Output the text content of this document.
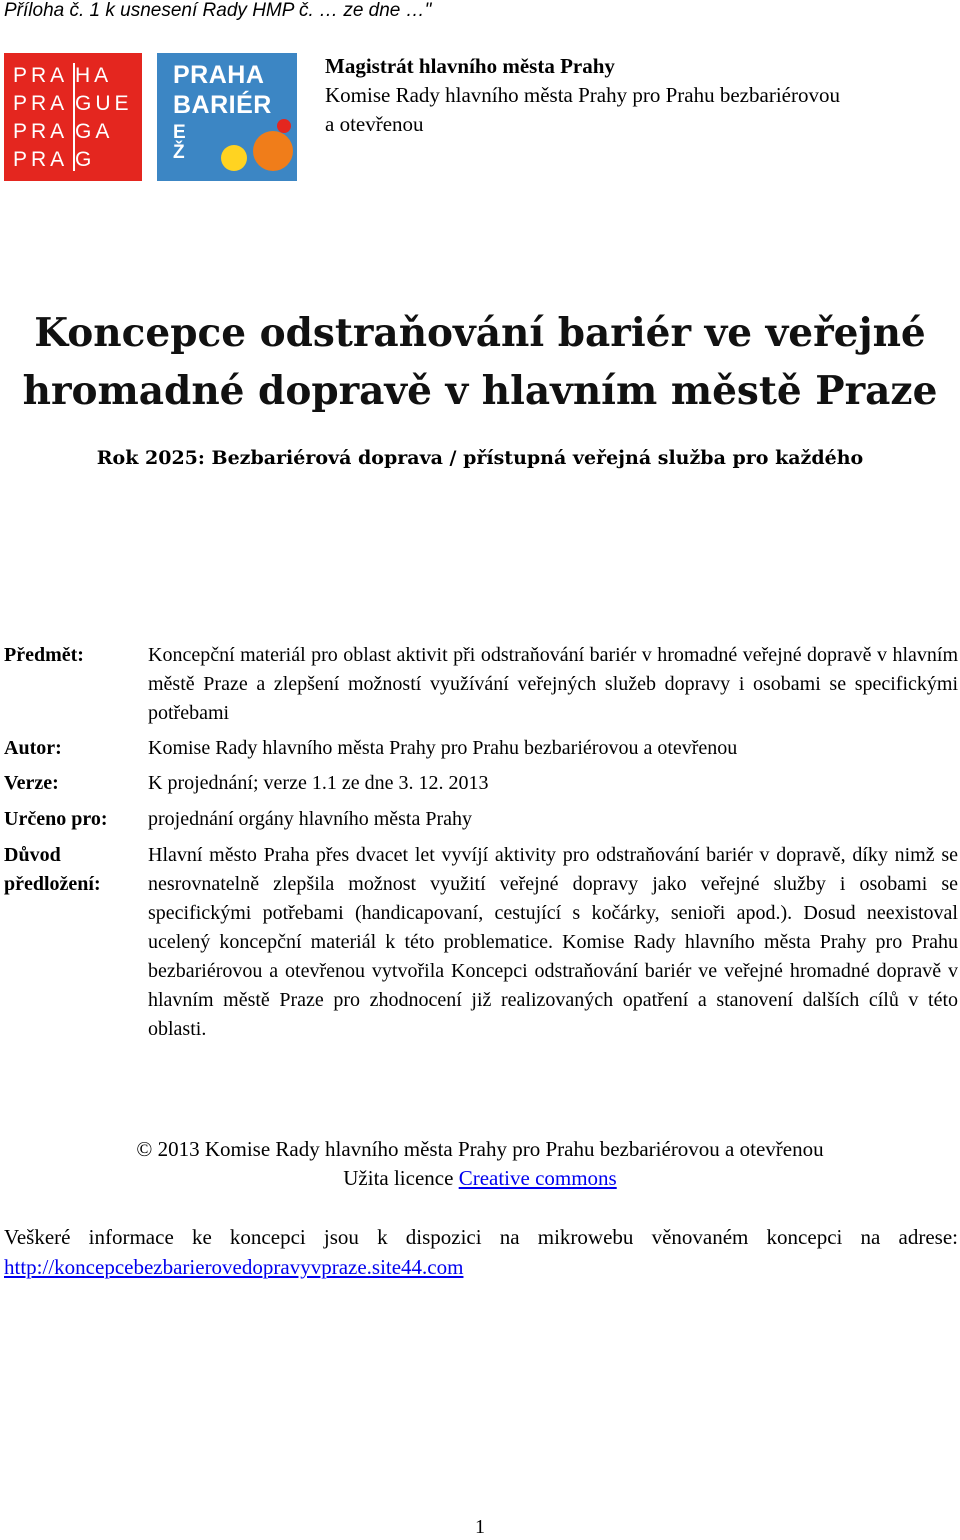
Příloha č. 1 k usnesení Rady HMP č. … ze dne …"
PRA HA
PRA GUE
PRA GA
PRA G
PRAHA
BARIÉR
E
Ž
Magistrát hlavního města Prahy
Komise Rady hlavního města Prahy pro Prahu bezbariérovou
a otevřenou
Koncepce odstraňování bariér ve veřejné
hromadné dopravě v hlavním městě Praze
Rok 2025: Bezbariérová doprava / přístupná veřejná služba pro každého
Předmět:	Koncepční materiál pro oblast aktivit při odstraňování bariér v hromadné veřejné dopravě v hlavním městě Praze a zlepšení možností využívání veřejných služeb dopravy i osobami se specifickými potřebami
Autor:	Komise Rady hlavního města Prahy pro Prahu bezbariérovou a otevřenou
Verze:	K projednání; verze 1.1 ze dne 3. 12. 2013
Určeno pro: projednání orgány hlavního města Prahy
Důvod
předložení:
Hlavní město Praha přes dvacet let vyvíjí aktivity pro odstraňování bariér v dopravě, díky nimž se nesrovnatelně zlepšila možnost využití veřejné dopravy jako veřejné služby i osobami se specifickými potřebami (handicapovaní, cestující s kočárky, senioři apod.). Dosud neexistoval ucelený koncepční materiál k této problematice. Komise Rady hlavního města Prahy pro Prahu bezbariérovou a otevřenou vytvořila Koncepci odstraňování bariér ve veřejné hromadné dopravě v hlavním městě Praze pro zhodnocení již realizovaných opatření a stanovení dalších cílů v této oblasti.
© 2013 Komise Rady hlavního města Prahy pro Prahu bezbariérovou a otevřenou
Užita licence Creative commons
Veškeré informace ke koncepci jsou k dispozici na mikrowebu věnovaném koncepci na adrese: http://koncepcebezbarierovedopravyvpraze.site44.com
1
